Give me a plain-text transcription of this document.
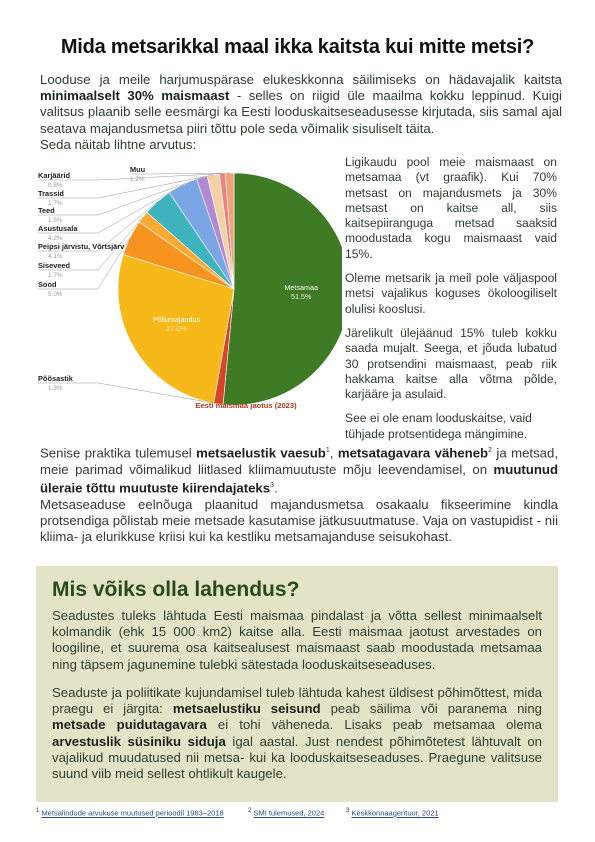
Mida metsarikkal maal ikka kaitsta kui mitte metsi?
Looduse ja meile harjumuspärase elukeskkonna säilimiseks on hädavajalik kaitsta minimaalselt 30% maismaast - selles on riigid üle maailma kokku leppinud. Kuigi valitsus plaanib selle eesmärgi ka Eesti looduskaitseseadusesse kirjutada, siis samal ajal seatava majandusmetsa piiri tõttu pole seda võimalik sisuliselt täita.
Seda näitab lihtne arvutus:
Metsamaa
51.5%
Põõsastik
1.3%
Põllumajandus
27.0%
Sood
5.0%
Siseveed
1.7%
Peipsi järvistu, Võrtsjärv
4.1%
Asustusala
4.2%
Teed
1.5%
Trassid
1.7%
Karjäärid
0.8%
Muu
1.2%
Eesti maismaa jaotus (2023)

Ligikaudu pool meie maismaast on metsamaa (vt graafik). Kui 70% metsast on majandusmets ja 30% metsast on kaitse all, siis kaitsepiiranguga metsad saaksid moodustada kogu maismaast vaid 15%.

Oleme metsarik ja meil pole väljaspool metsi vajalikus koguses ökoloogiliselt olulisi kooslusi.

Järelikult ülejäänud 15% tuleb kokku saada mujalt. Seega, et jõuda lubatud 30 protsendini maismaast, peab riik hakkama kaitse alla võtma põlde, karjääre ja asulaid.

See ei ole enam looduskaitse, vaid tühjade protsentidega mängimine.

Senise praktika tulemusel metsaelustik vaesub$^1$, metsatagavara väheneb$^2$ ja metsad, meie parimad võimalikud liitlased kliimamuutuste mõju leevendamisel, on muutunud üleraie tõttu muutuste kiirendajateks$^3$.
Metsaseaduse eelnõuga plaanitud majandusmetsa osakaalu fikseerimine kindla protsendiga põlistab meie metsade kasutamise jätkusuutmatuse. Vaja on vastupidist - nii kliima- ja elurikkuse kriisi kui ka kestliku metsamajanduse seisukohast.
Mis võiks olla lahendus?
Seadustes tuleks lähtuda Eesti maismaa pindalast ja võtta sellest minimaalselt kolmandik (ehk 15 000 km2) kaitse alla. Eesti maismaa jaotust arvestades on loogiline, et suurema osa kaitsealusest maismaast saab moodustada metsamaa ning täpsem jagunemine tulebki sätestada looduskaitseseaduses.
Seaduste ja poliitikate kujundamisel tuleb lähtuda kahest üldisest põhimõttest, mida praegu ei järgita: metsaelustiku seisund peab säilima või paranema ning metsade puidutagavara ei tohi väheneda. Lisaks peab metsamaa olema arvestuslik süsiniku siduja igal aastal. Just nendest põhimõtetest lähtuvalt on vajalikud muudatused nii metsa- kui ka looduskaitseseaduses. Praegune valitsuse suund viib meid sellest ohtlikult kaugele.
$^1$ Metsalindude arvukuse muutused perioodil 1983–2018	$^2$ SMI tulemused, 2024	$^3$ Keskkonnaagentuur, 2021
